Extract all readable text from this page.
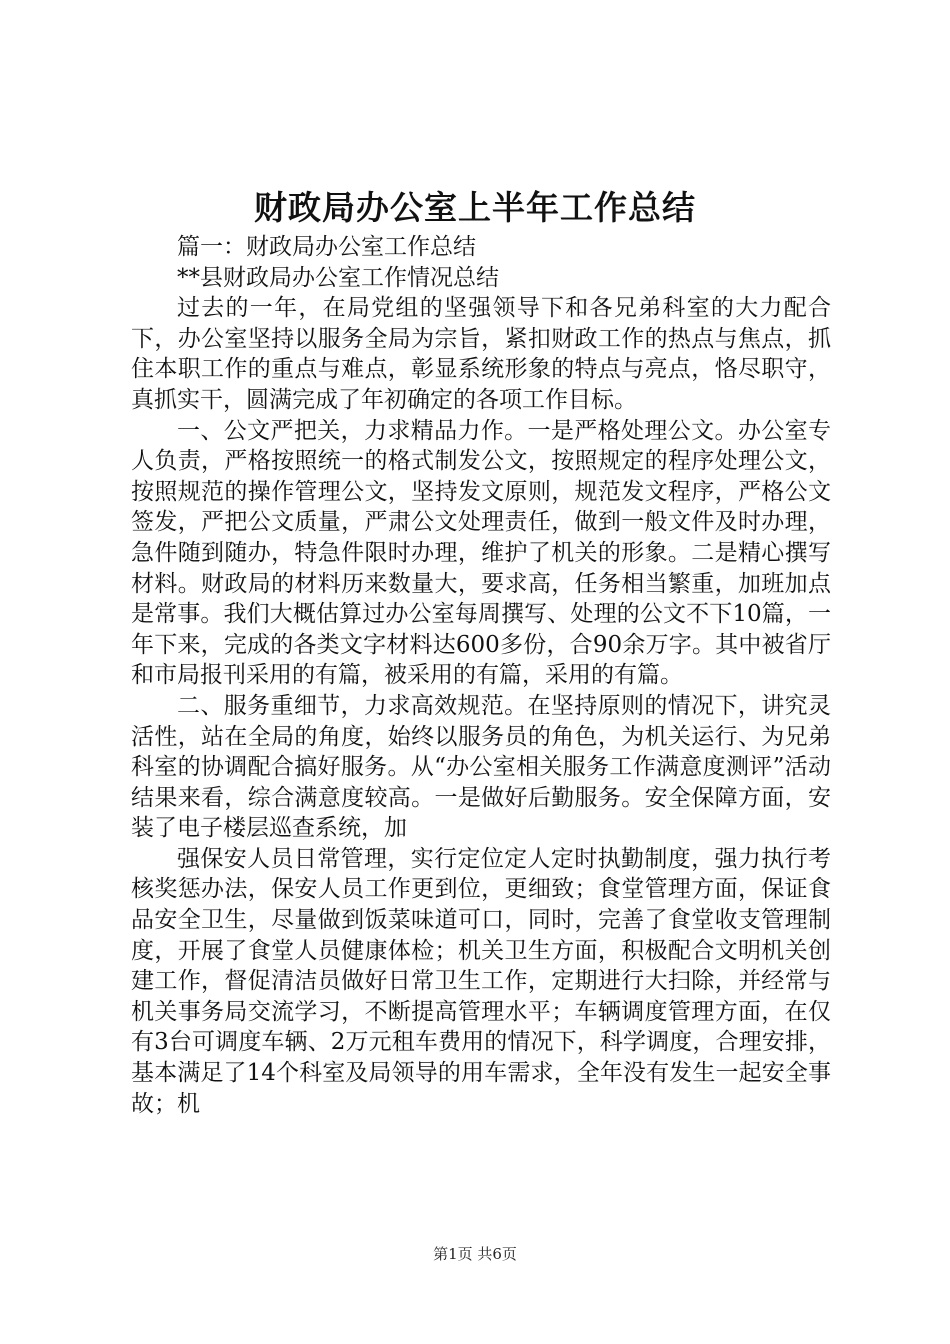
财政局办公室上半年工作总结

篇一：财政局办公室工作总结

**县财政局办公室工作情况总结

过去的一年，在局党组的坚强领导下和各兄弟科室的大力配合下，办公室坚持以服务全局为宗旨，紧扣财政工作的热点与焦点，抓住本职工作的重点与难点，彰显系统形象的特点与亮点，恪尽职守，真抓实干，圆满完成了年初确定的各项工作目标。

一、公文严把关，力求精品力作。一是严格处理公文。办公室专人负责，严格按照统一的格式制发公文，按照规定的程序处理公文，按照规范的操作管理公文，坚持发文原则，规范发文程序，严格公文签发，严把公文质量，严肃公文处理责任，做到一般文件及时办理，急件随到随办，特急件限时办理，维护了机关的形象。二是精心撰写材料。财政局的材料历来数量大，要求高，任务相当繁重，加班加点是常事。我们大概估算过办公室每周撰写、处理的公文不下10篇，一年下来，完成的各类文字材料达600多份，合90余万字。其中被省厅和市局报刊采用的有篇，被采用的有篇，采用的有篇。

二、服务重细节，力求高效规范。在坚持原则的情况下，讲究灵活性，站在全局的角度，始终以服务员的角色，为机关运行、为兄弟科室的协调配合搞好服务。从“办公室相关服务工作满意度测评”活动结果来看，综合满意度较高。一是做好后勤服务。安全保障方面，安装了电子楼层巡查系统，加

强保安人员日常管理，实行定位定人定时执勤制度，强力执行考核奖惩办法，保安人员工作更到位，更细致；食堂管理方面，保证食品安全卫生，尽量做到饭菜味道可口，同时，完善了食堂收支管理制度，开展了食堂人员健康体检；机关卫生方面，积极配合文明机关创建工作，督促清洁员做好日常卫生工作，定期进行大扫除，并经常与机关事务局交流学习，不断提高管理水平；车辆调度管理方面，在仅有3台可调度车辆、2万元租车费用的情况下，科学调度，合理安排，基本满足了14个科室及局领导的用车需求，全年没有发生一起安全事故；机

第1页 共6页
